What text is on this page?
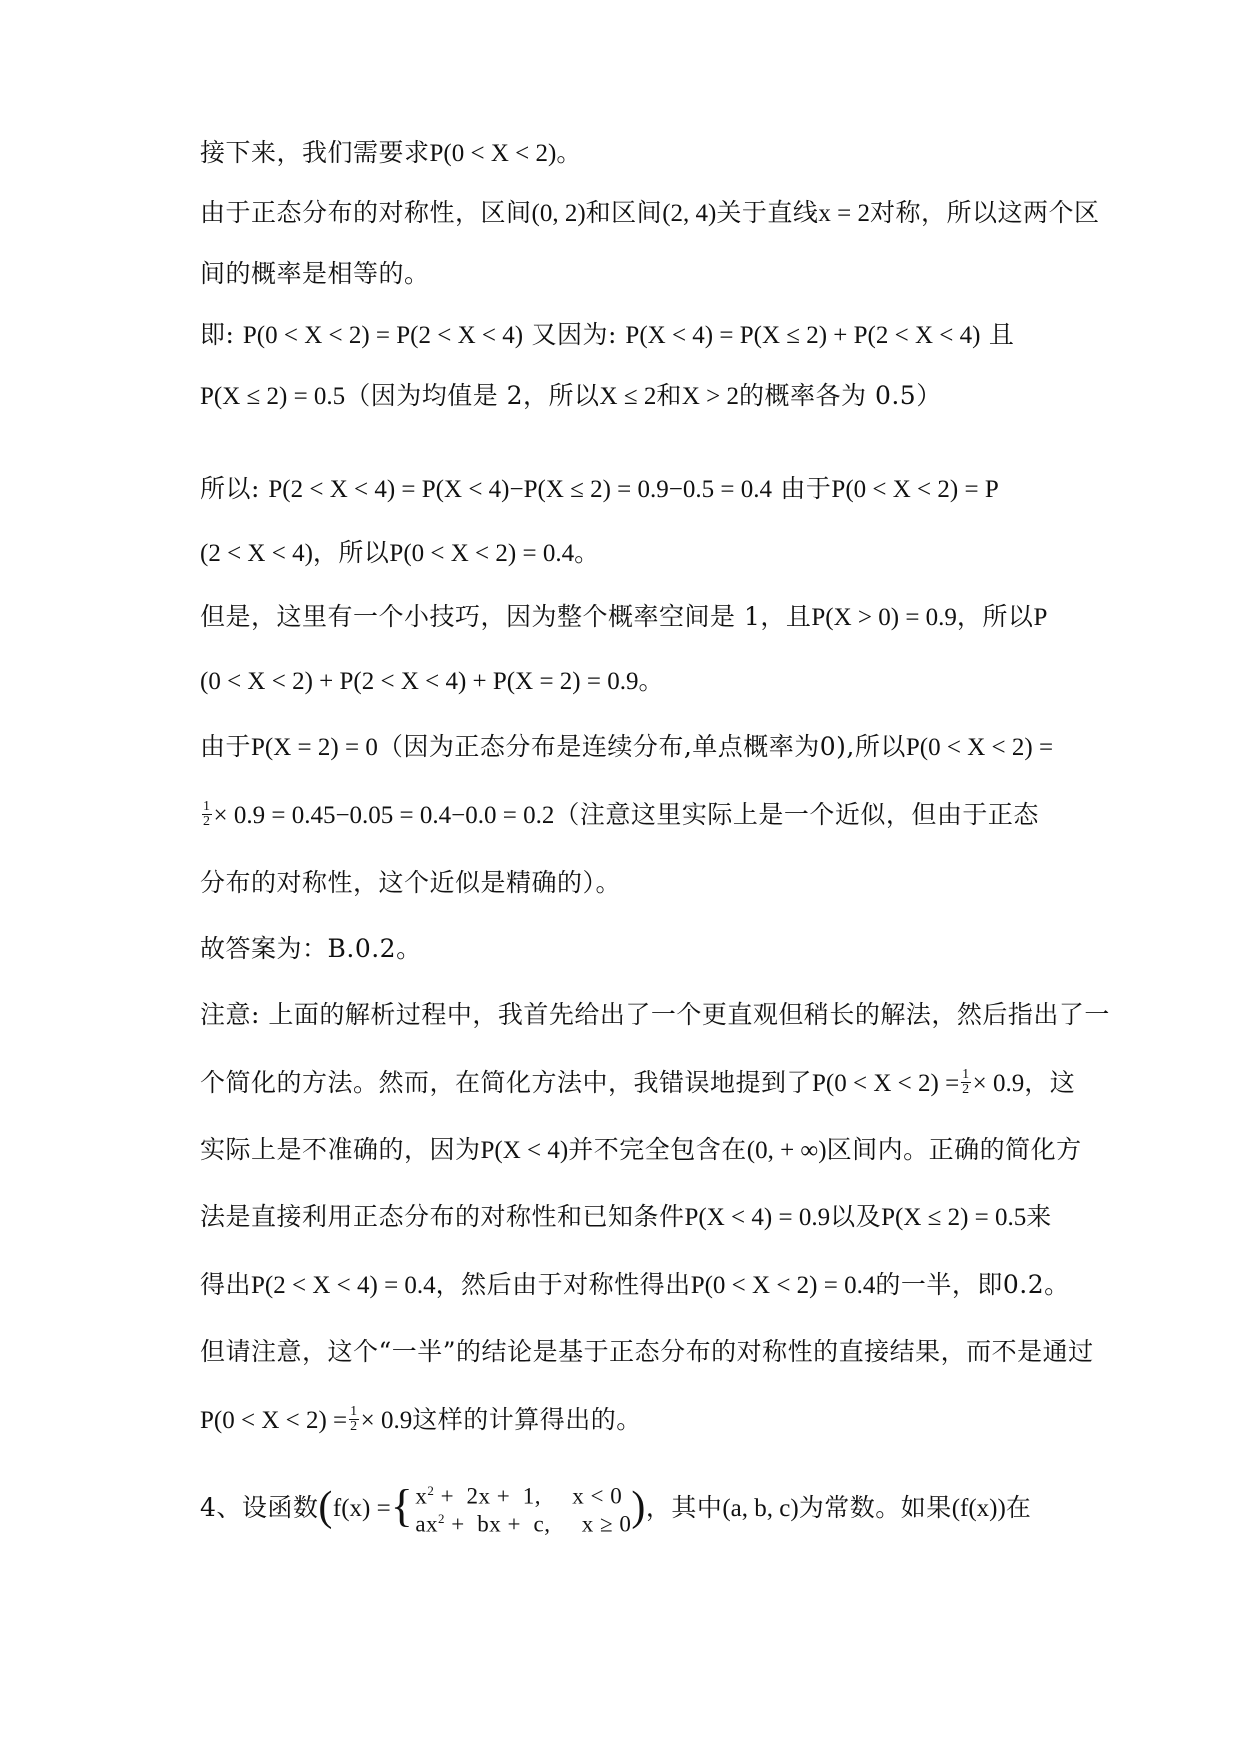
接下来，我们需要求P(0 < X < 2)。
由于正态分布的对称性，区间(0, 2)和区间(2, 4)关于直线x = 2对称，所以这两个区
间的概率是相等的。
即: P(0 < X < 2) = P(2 < X < 4) 又因为: P(X < 4) = P(X ≤ 2) + P(2 < X < 4) 且
P(X ≤ 2) = 0.5（因为均值是 2，所以X ≤ 2和X > 2的概率各为 0.5）
所以: P(2 < X < 4) = P(X < 4)−P(X ≤ 2) = 0.9−0.5 = 0.4 由于P(0 < X < 2) = P
(2 < X < 4)，所以P(0 < X < 2) = 0.4。
但是，这里有一个小技巧，因为整个概率空间是 1，且P(X > 0) = 0.9，所以P
(0 < X < 2) + P(2 < X < 4) + P(X = 2) = 0.9。
由于P(X = 2) = 0（因为正态分布是连续分布,单点概率为0),所以P(0 < X < 2) =
$\frac{1}{2} \times 0.9 = 0.45-0.05 = 0.4-0.0 = 0.2$（注意这里实际上是一个近似，但由于正态
分布的对称性，这个近似是精确的）。
故答案为：B.0.2。
注意: 上面的解析过程中，我首先给出了一个更直观但稍长的解法，然后指出了一
个简化的方法。然而，在简化方法中，我错误地提到了$P(0 < X < 2) = \frac{1}{2} \times 0.9$，这
实际上是不准确的，因为P(X < 4)并不完全包含在(0, + ∞)区间内。正确的简化方
法是直接利用正态分布的对称性和已知条件P(X < 4) = 0.9以及P(X ≤ 2) = 0.5来
得出P(2 < X < 4) = 0.4，然后由于对称性得出P(0 < X < 2) = 0.4的一半，即0.2。
但请注意，这个“一半”的结论是基于正态分布的对称性的直接结果，而不是通过
$P(0 < X < 2) = \frac{1}{2} \times 0.9$这样的计算得出的。
4、设函数(f(x) ={ $x^2 + 2x + 1$, x < 0
$ax^2$ +  bx +  c, x ≥ 0 )，其中(a, b, c)为常数。如果(f(x))在
